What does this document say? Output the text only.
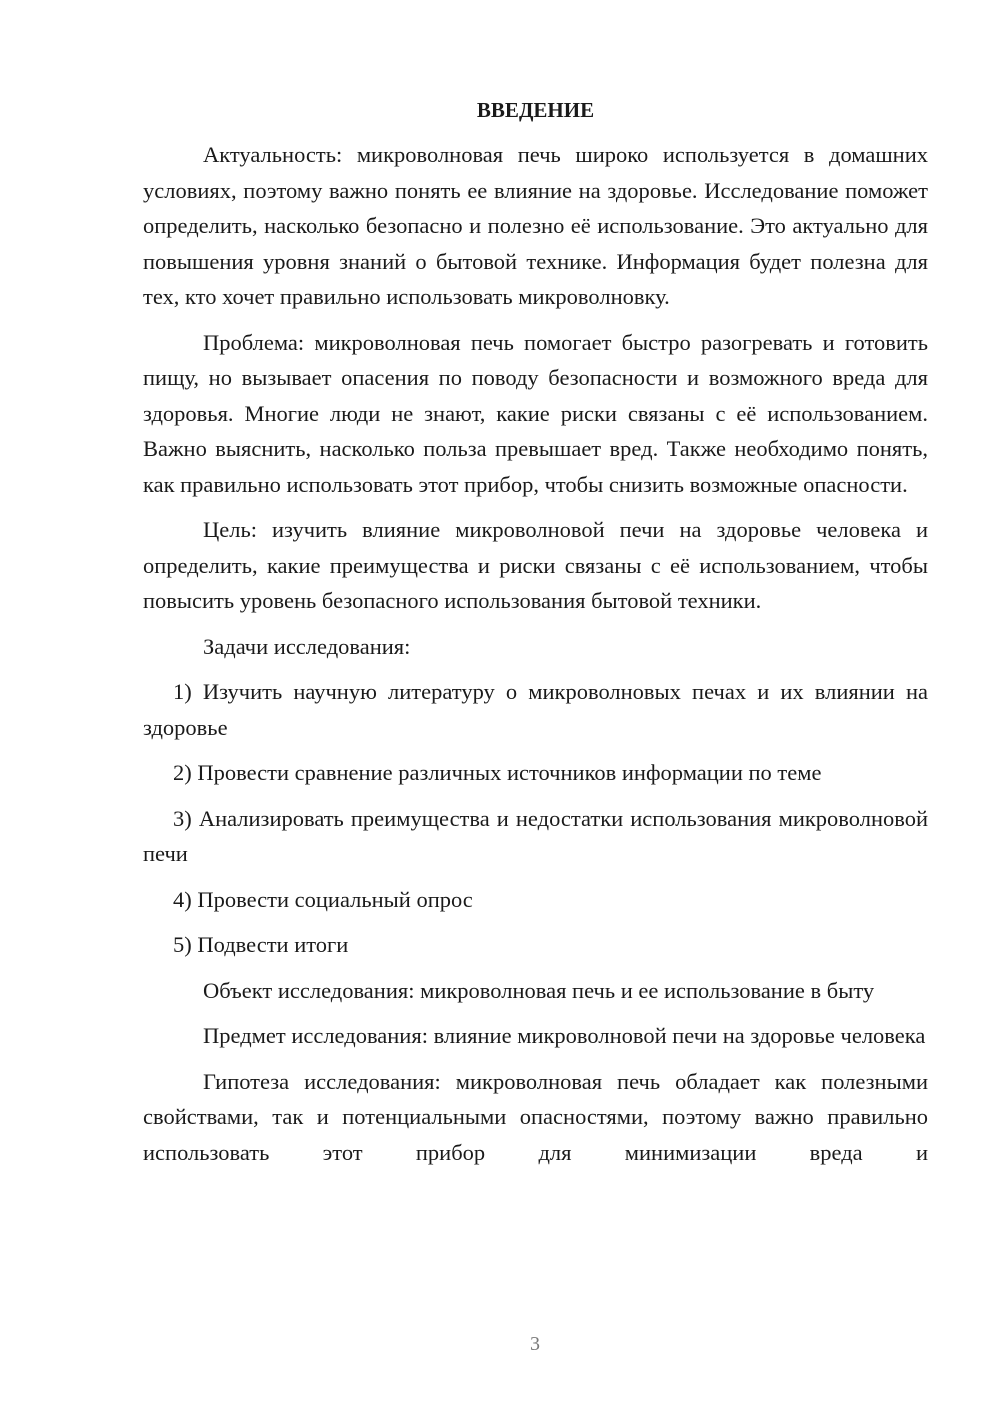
ВВЕДЕНИЕ

Актуальность: микроволновая печь широко используется в домашних условиях, поэтому важно понять ее влияние на здоровье. Исследование поможет определить, насколько безопасно и полезно её использование. Это актуально для повышения уровня знаний о бытовой технике. Информация будет полезна для тех, кто хочет правильно использовать микроволновку.

Проблема: микроволновая печь помогает быстро разогревать и готовить пищу, но вызывает опасения по поводу безопасности и возможного вреда для здоровья. Многие люди не знают, какие риски связаны с её использованием. Важно выяснить, насколько польза превышает вред. Также необходимо понять, как правильно использовать этот прибор, чтобы снизить возможные опасности.

Цель: изучить влияние микроволновой печи на здоровье человека и определить, какие преимущества и риски связаны с её использованием, чтобы повысить уровень безопасного использования бытовой техники.

Задачи исследования:

1) Изучить научную литературу о микроволновых печах и их влиянии на здоровье

2) Провести сравнение различных источников информации по теме

3) Анализировать преимущества и недостатки использования микроволновой печи

4) Провести социальный опрос

5) Подвести итоги

Объект исследования: микроволновая печь и ее использование в быту

Предмет исследования: влияние микроволновой печи на здоровье человека

Гипотеза исследования: микроволновая печь обладает как полезными свойствами, так и потенциальными опасностями, поэтому важно правильно использовать этот прибор для минимизации вреда и

3
